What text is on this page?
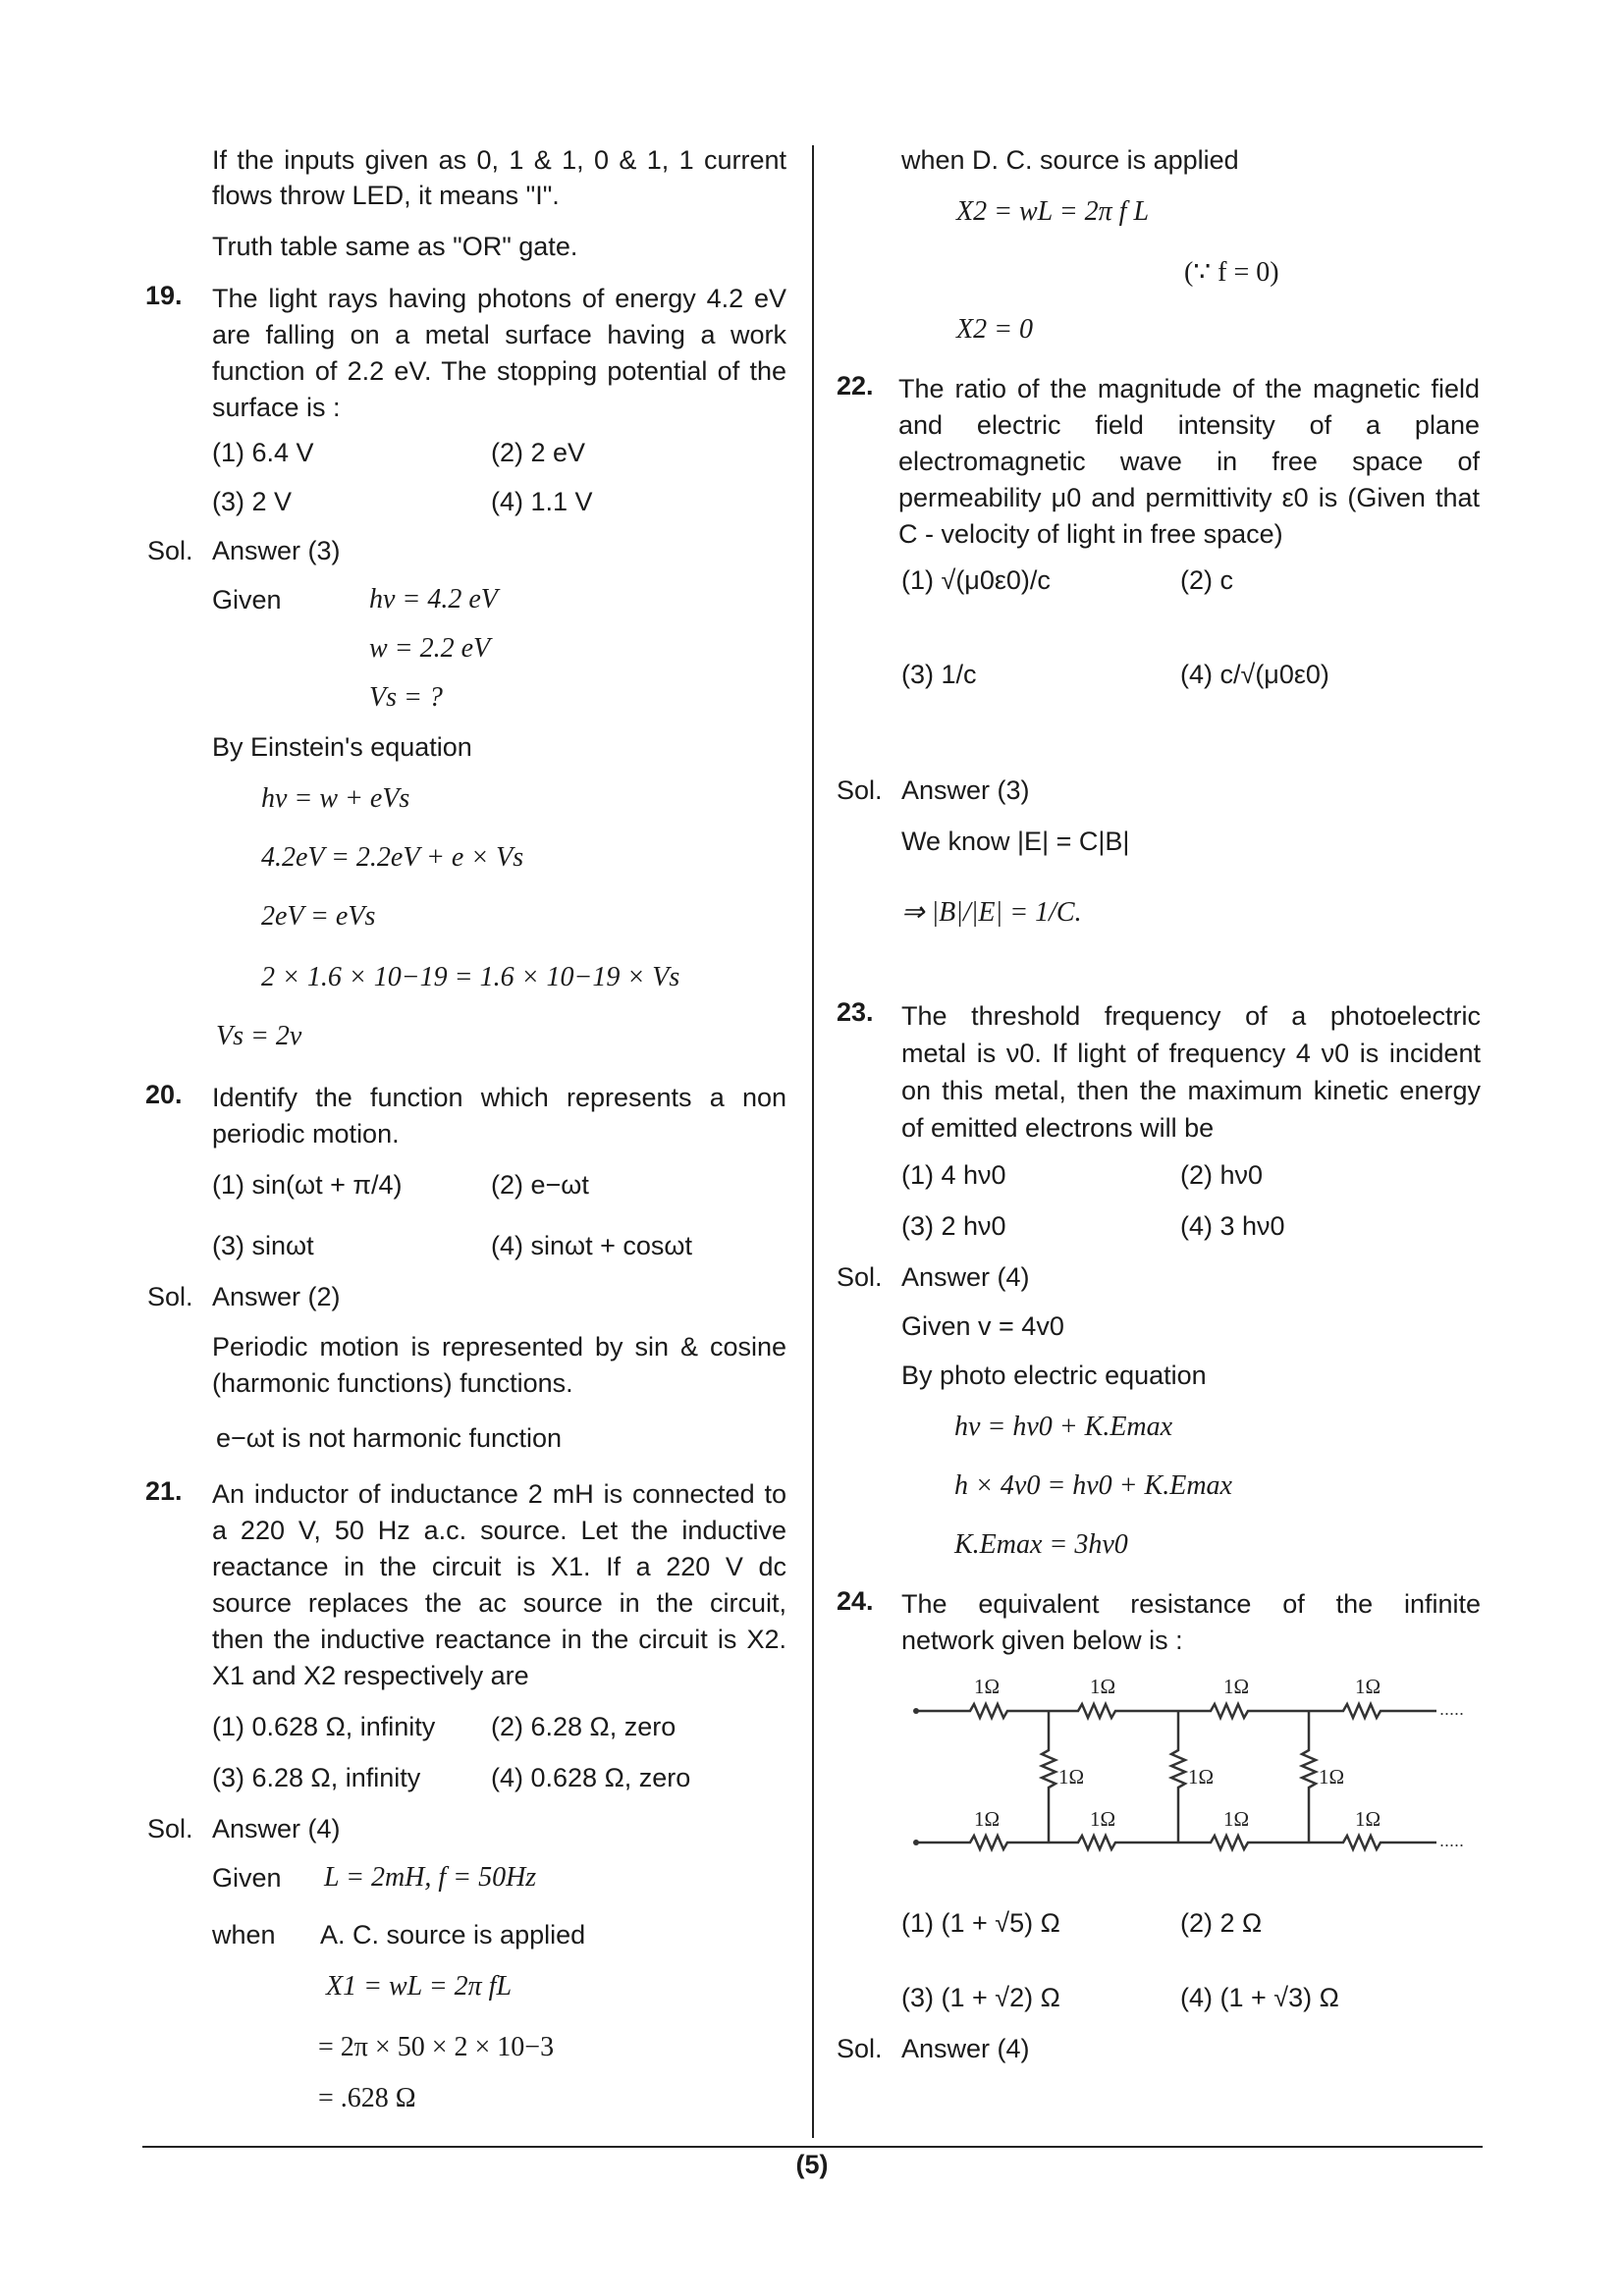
If the inputs given as 0, 1 & 1, 0 & 1, 1 current
flows throw LED, it means "I".
Truth table same as "OR" gate.
19. The light rays having photons of energy 4.2 eV
are falling on a metal surface having a work
function of 2.2 eV. The stopping potential of the
surface is :
(1) 6.4 V	(2) 2 eV
(3) 2 V	(4) 1.1 V
Sol. Answer (3)
Given	hv = 4.2 eV
w = 2.2 eV
Vs = ?
By Einstein's equation
hv = w + eVs
4.2eV = 2.2eV + e × Vs
2eV = eVs
2 × 1.6 × 10−19 = 1.6 × 10−19 × Vs
Vs = 2v
20. Identify the function which represents a non
periodic motion.
(1) sin(ωt + π/4)	(2) e−ωt
(3) sinωt	(4) sinωt + cosωt
Sol. Answer (2)
Periodic motion is represented by sin & cosine
(harmonic functions) functions.
e−ωt is not harmonic function
21. An inductor of inductance 2 mH is connected to
a 220 V, 50 Hz a.c. source. Let the inductive
reactance in the circuit is X1. If a 220 V dc
source replaces the ac source in the circuit,
then the inductive reactance in the circuit is X2.
X1 and X2 respectively are
(1) 0.628 Ω, infinity (2) 6.28 Ω, zero
(3) 6.28 Ω, infinity	(4) 0.628 Ω, zero
Sol. Answer (4)
Given L = 2mH, f = 50Hz
when A. C. source is applied
X1 = wL = 2π fL
= 2π × 50 × 2 × 10−3
= .628 Ω
when D. C. source is applied
X2 = wL = 2π f L
(∵ f = 0)
X2 = 0
22. The ratio of the magnitude of the magnetic field
and electric field intensity of a plane
electromagnetic wave in free space of
permeability μ0 and permittivity ε0 is (Given that
C - velocity of light in free space)
(1) √(μ0ε0)/c	(2) c
(3) 1/c	(4) c/√(μ0ε0)
Sol. Answer (3)
We know |E| = C|B|
⇒ |B|/|E| = 1/C.
23. The threshold frequency of a photoelectric
metal is ν0. If light of frequency 4 ν0 is incident
on this metal, then the maximum kinetic energy
of emitted electrons will be
(1) 4 hν0	(2) hν0
(3) 2 hν0	(4) 3 hν0
Sol. Answer (4)
Given v = 4v0
By photo electric equation
hv = hv0 + K.Emax
h × 4v0 = hv0 + K.Emax
K.Emax = 3hv0
24. The equivalent resistance of the infinite
network given below is :
.....
.....
1Ω	1Ω	1Ω	1Ω
1Ω	1Ω	1Ω
1Ω	1Ω	1Ω	1Ω
(1) (1 + √5) Ω	(2) 2 Ω
(3) (1 + √2) Ω	(4) (1 + √3) Ω
Sol. Answer (4)
(5)
